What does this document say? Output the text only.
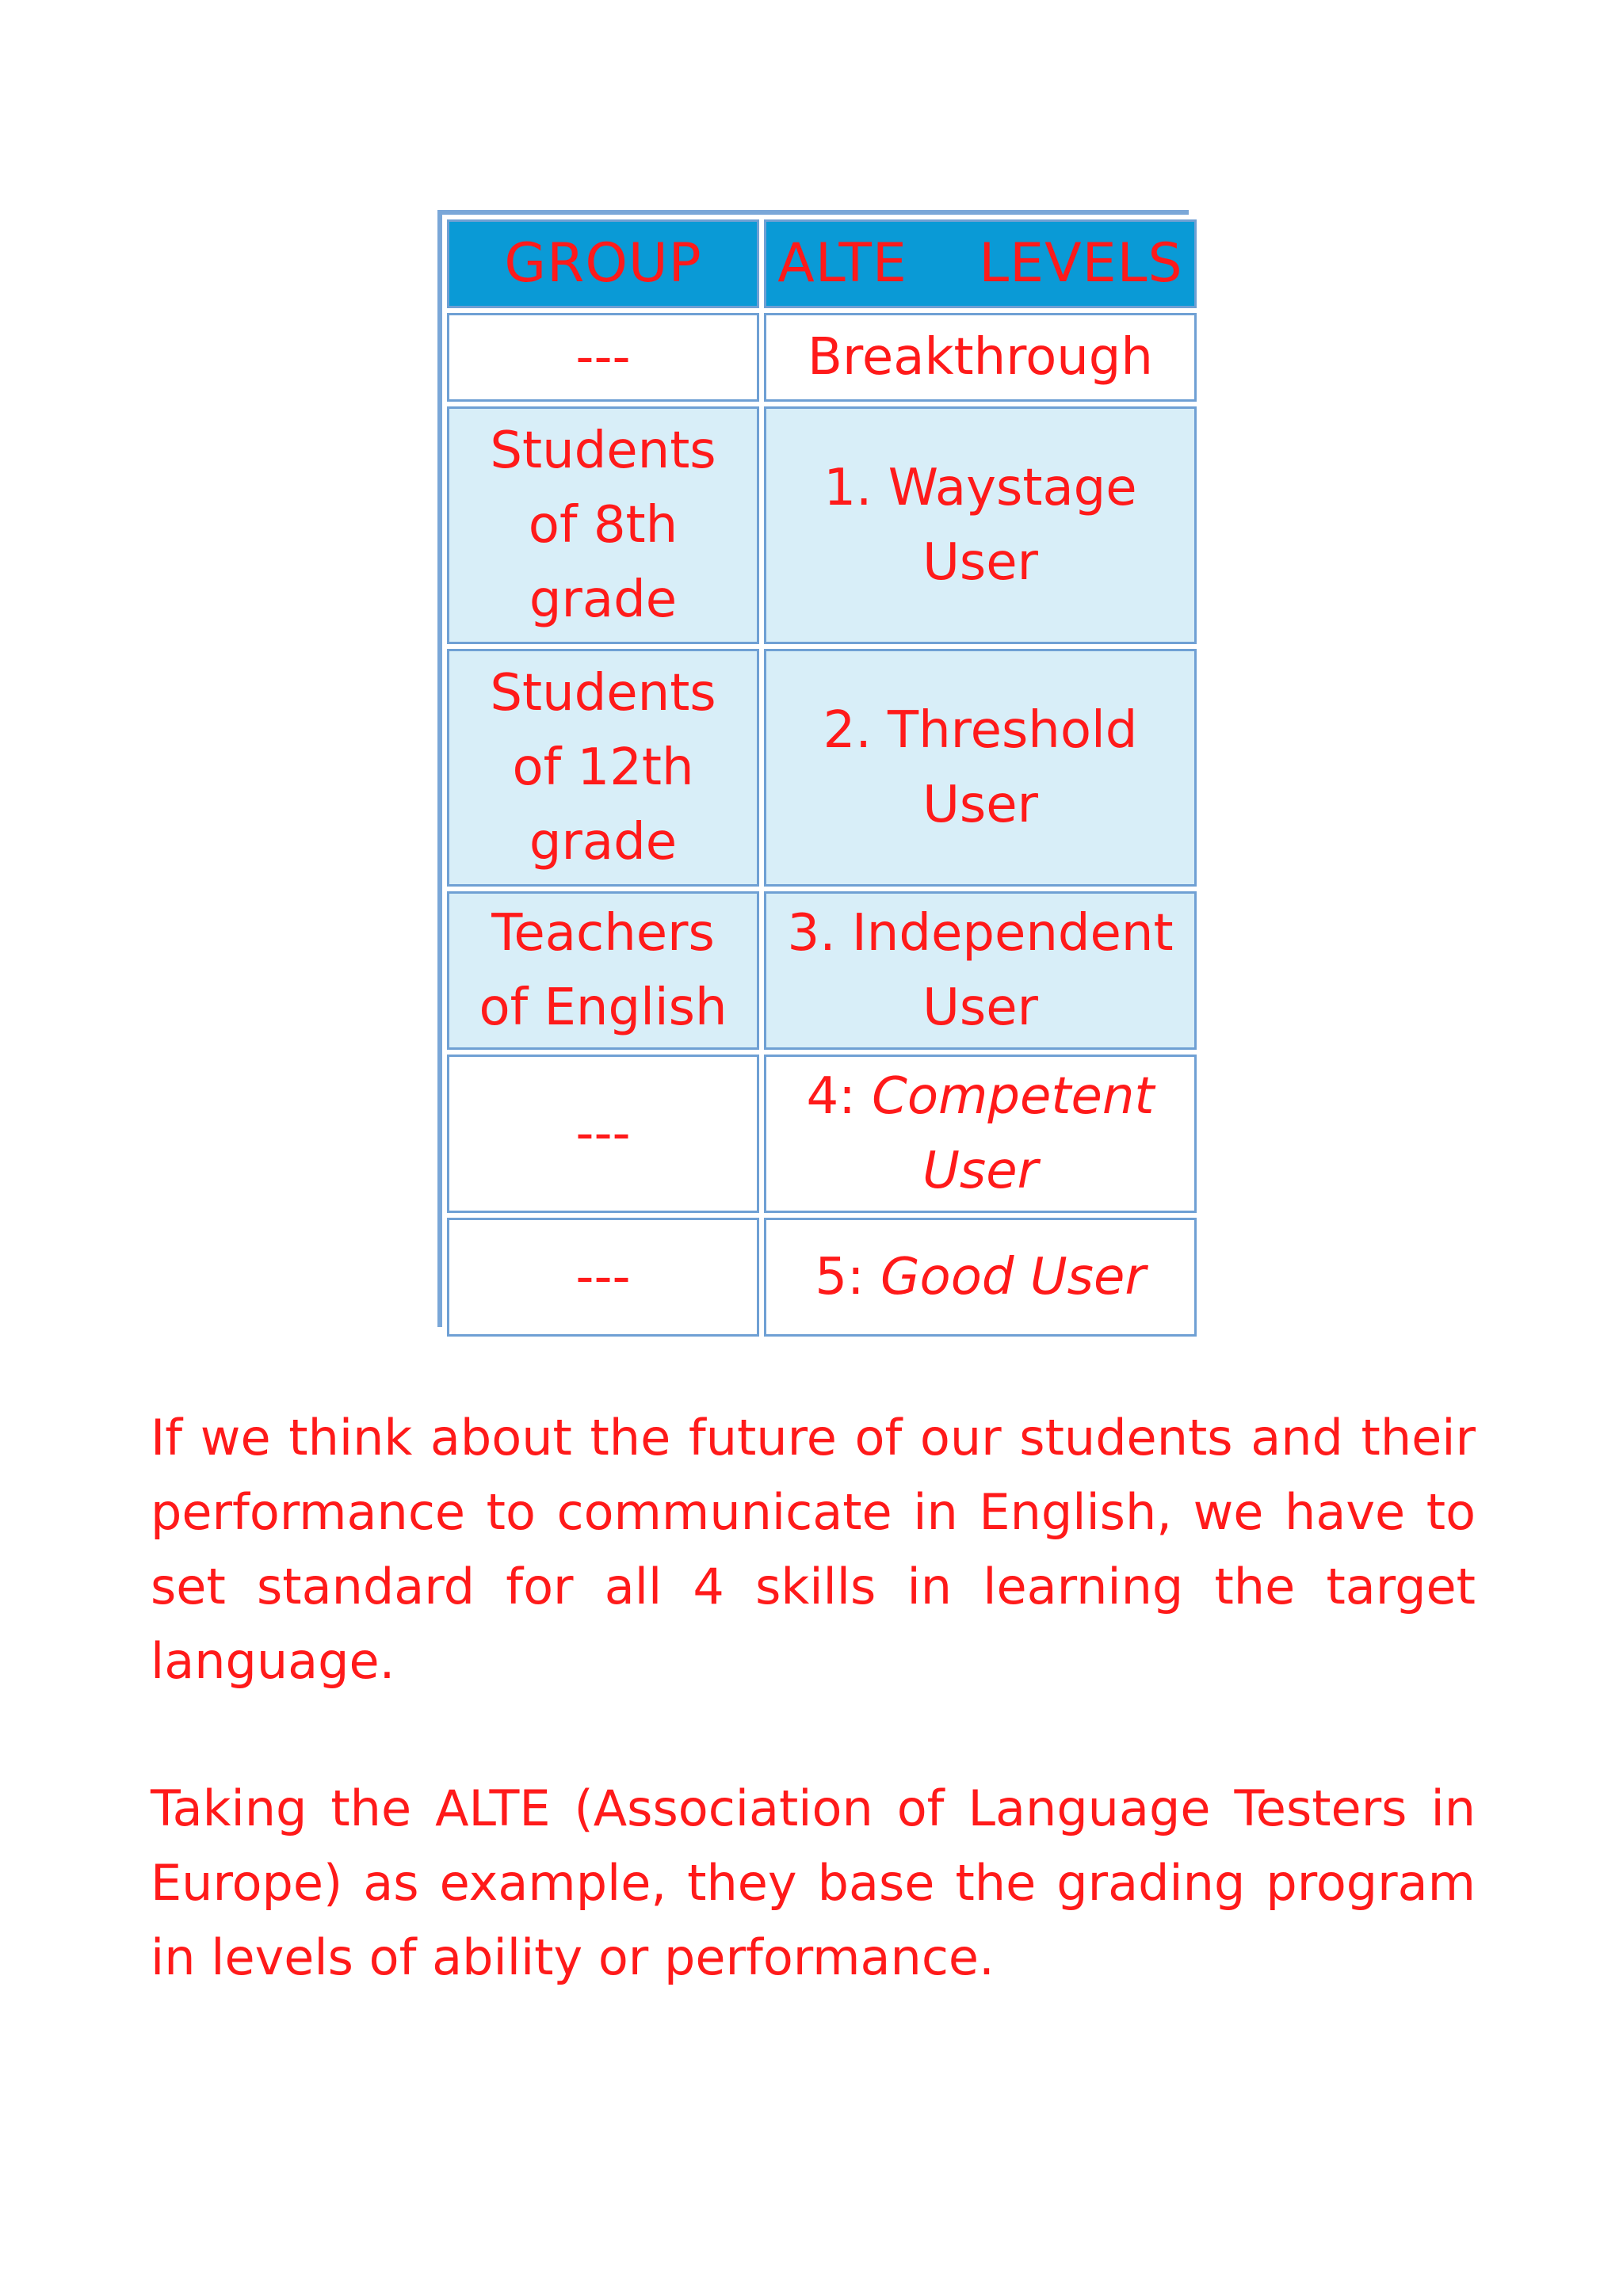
GROUP	ALTE    LEVELS
---	Breakthrough
Students of 8th grade	1. Waystage User
Students of 12th grade	2. Threshold User
Teachers of English	3. Independent User
---	4: Competent User
---	5: Good User

If we think about the future of our students and their performance to communicate in English, we have to set standard for all 4 skills in learning the target language.

Taking the ALTE (Association of Language Testers in Europe) as example, they base the grading program in levels of ability or performance.
